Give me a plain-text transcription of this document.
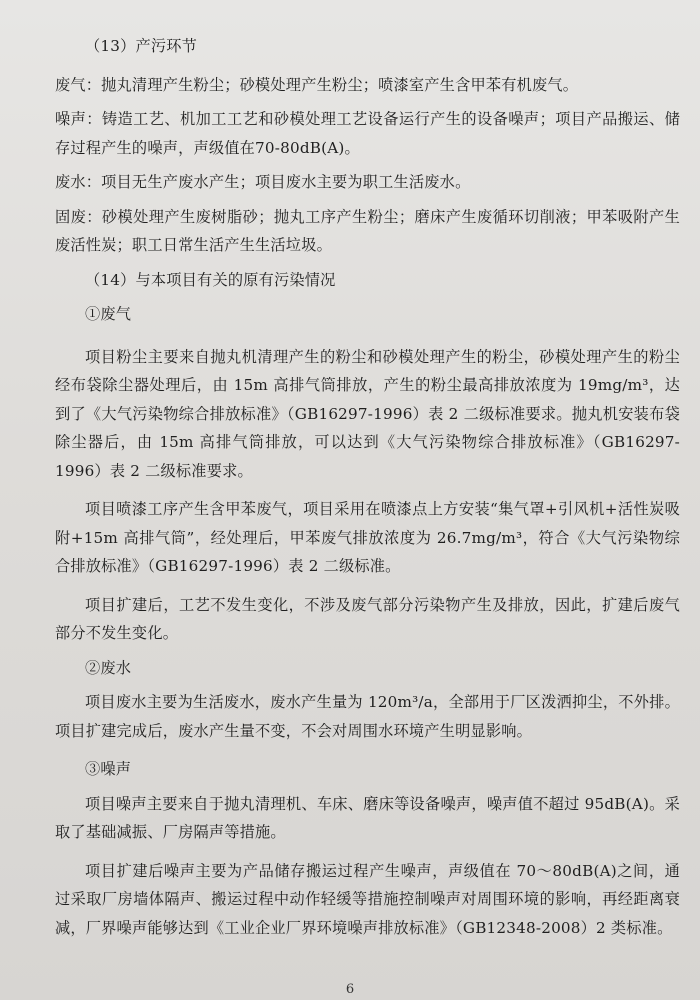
（13）产污环节

废气：抛丸清理产生粉尘；砂模处理产生粉尘；喷漆室产生含甲苯有机废气。

噪声：铸造工艺、机加工工艺和砂模处理工艺设备运行产生的设备噪声；项目产品搬运、储存过程产生的噪声，声级值在70-80dB(A)。

废水：项目无生产废水产生；项目废水主要为职工生活废水。

固废：砂模处理产生废树脂砂；抛丸工序产生粉尘；磨床产生废循环切削液；甲苯吸附产生废活性炭；职工日常生活产生生活垃圾。

（14）与本项目有关的原有污染情况

①废气

项目粉尘主要来自抛丸机清理产生的粉尘和砂模处理产生的粉尘，砂模处理产生的粉尘经布袋除尘器处理后，由 15m 高排气筒排放，产生的粉尘最高排放浓度为 19mg/m³，达到了《大气污染物综合排放标准》（GB16297-1996）表 2 二级标准要求。抛丸机安装布袋除尘器后，由 15m 高排气筒排放，可以达到《大气污染物综合排放标准》（GB16297-1996）表 2 二级标准要求。

项目喷漆工序产生含甲苯废气，项目采用在喷漆点上方安装“集气罩+引风机+活性炭吸附+15m 高排气筒”，经处理后，甲苯废气排放浓度为 26.7mg/m³，符合《大气污染物综合排放标准》（GB16297-1996）表 2 二级标准。

项目扩建后，工艺不发生变化，不涉及废气部分污染物产生及排放，因此，扩建后废气部分不发生变化。

②废水

项目废水主要为生活废水，废水产生量为 120m³/a，全部用于厂区泼洒抑尘，不外排。项目扩建完成后，废水产生量不变，不会对周围水环境产生明显影响。

③噪声

项目噪声主要来自于抛丸清理机、车床、磨床等设备噪声，噪声值不超过 95dB(A)。采取了基础减振、厂房隔声等措施。

项目扩建后噪声主要为产品储存搬运过程产生噪声，声级值在 70～80dB(A)之间，通过采取厂房墙体隔声、搬运过程中动作轻缓等措施控制噪声对周围环境的影响，再经距离衰减，厂界噪声能够达到《工业企业厂界环境噪声排放标准》（GB12348-2008）2 类标准。

6
